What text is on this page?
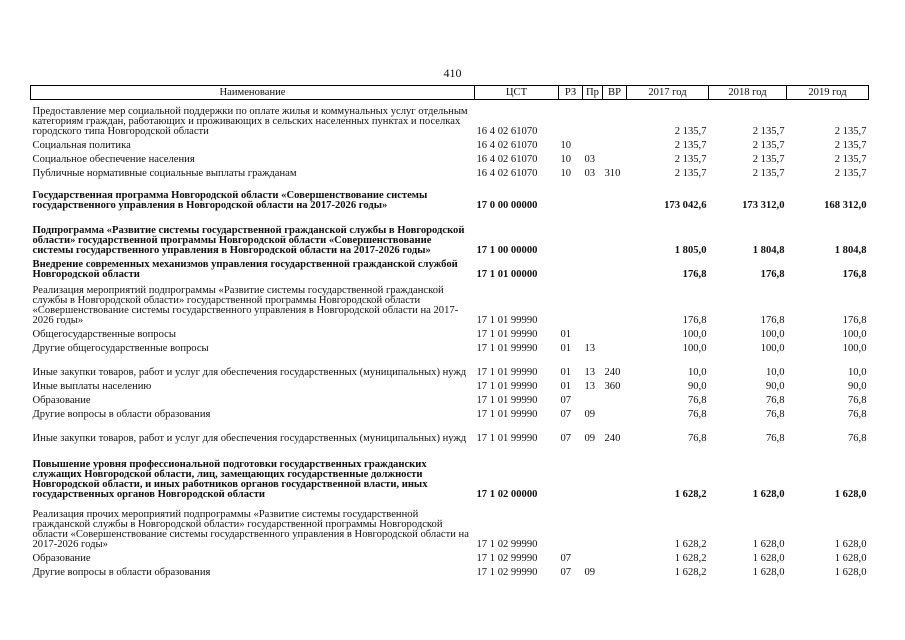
410
Наименование	ЦСТ	РЗ	Пр	ВР	2017 год	2018 год	2019 год
Предоставление мер социальной поддержки по оплате жилья и коммунальных услуг отдельным категориям граждан, работающих и проживающих в сельских населенных пунктах и поселках городского типа Новгородской области	16 4 02 61070				2 135,7	2 135,7	2 135,7
Социальная политика	16 4 02 61070	10			2 135,7	2 135,7	2 135,7
Социальное обеспечение населения	16 4 02 61070	10	03		2 135,7	2 135,7	2 135,7
Публичные нормативные социальные выплаты гражданам	16 4 02 61070	10	03	310	2 135,7	2 135,7	2 135,7
Государственная программа Новгородской области «Совершенствование системы государственного управления в Новгородской области на 2017-2026 годы»	17 0 00 00000				173 042,6	173 312,0	168 312,0
Подпрограмма «Развитие системы государственной гражданской службы в Новгородской области» государственной программы Новгородской области «Совершенствование системы государственного управления в Новгородской области на 2017-2026 годы»	17 1 00 00000				1 805,0	1 804,8	1 804,8
Внедрение современных механизмов управления государственной гражданской службой Новгородской области	17 1 01 00000				176,8	176,8	176,8
Реализация мероприятий подпрограммы «Развитие системы государственной гражданской службы в Новгородской области» государственной программы Новгородской области «Совершенствование системы государственного управления в Новгородской области на 2017-2026 годы»	17 1 01 99990				176,8	176,8	176,8
Общегосударственные вопросы	17 1 01 99990	01			100,0	100,0	100,0
Другие общегосударственные вопросы	17 1 01 99990	01	13		100,0	100,0	100,0
Иные закупки товаров, работ и услуг для обеспечения государственных (муниципальных) нужд	17 1 01 99990	01	13	240	10,0	10,0	10,0
Иные выплаты населению	17 1 01 99990	01	13	360	90,0	90,0	90,0
Образование	17 1 01 99990	07			76,8	76,8	76,8
Другие вопросы в области образования	17 1 01 99990	07	09		76,8	76,8	76,8
Иные закупки товаров, работ и услуг для обеспечения государственных (муниципальных) нужд	17 1 01 99990	07	09	240	76,8	76,8	76,8
Повышение уровня профессиональной подготовки государственных гражданских служащих Новгородской области, лиц, замещающих государственные должности Новгородской области, и иных работников органов государственной власти, иных государственных органов Новгородской области	17 1 02 00000				1 628,2	1 628,0	1 628,0
Реализация прочих мероприятий подпрограммы «Развитие системы государственной гражданской службы в Новгородской области» государственной программы Новгородской области «Совершенствование системы государственного управления в Новгородской области на 2017-2026 годы»	17 1 02 99990				1 628,2	1 628,0	1 628,0
Образование	17 1 02 99990	07			1 628,2	1 628,0	1 628,0
Другие вопросы в области образования	17 1 02 99990	07	09		1 628,2	1 628,0	1 628,0
